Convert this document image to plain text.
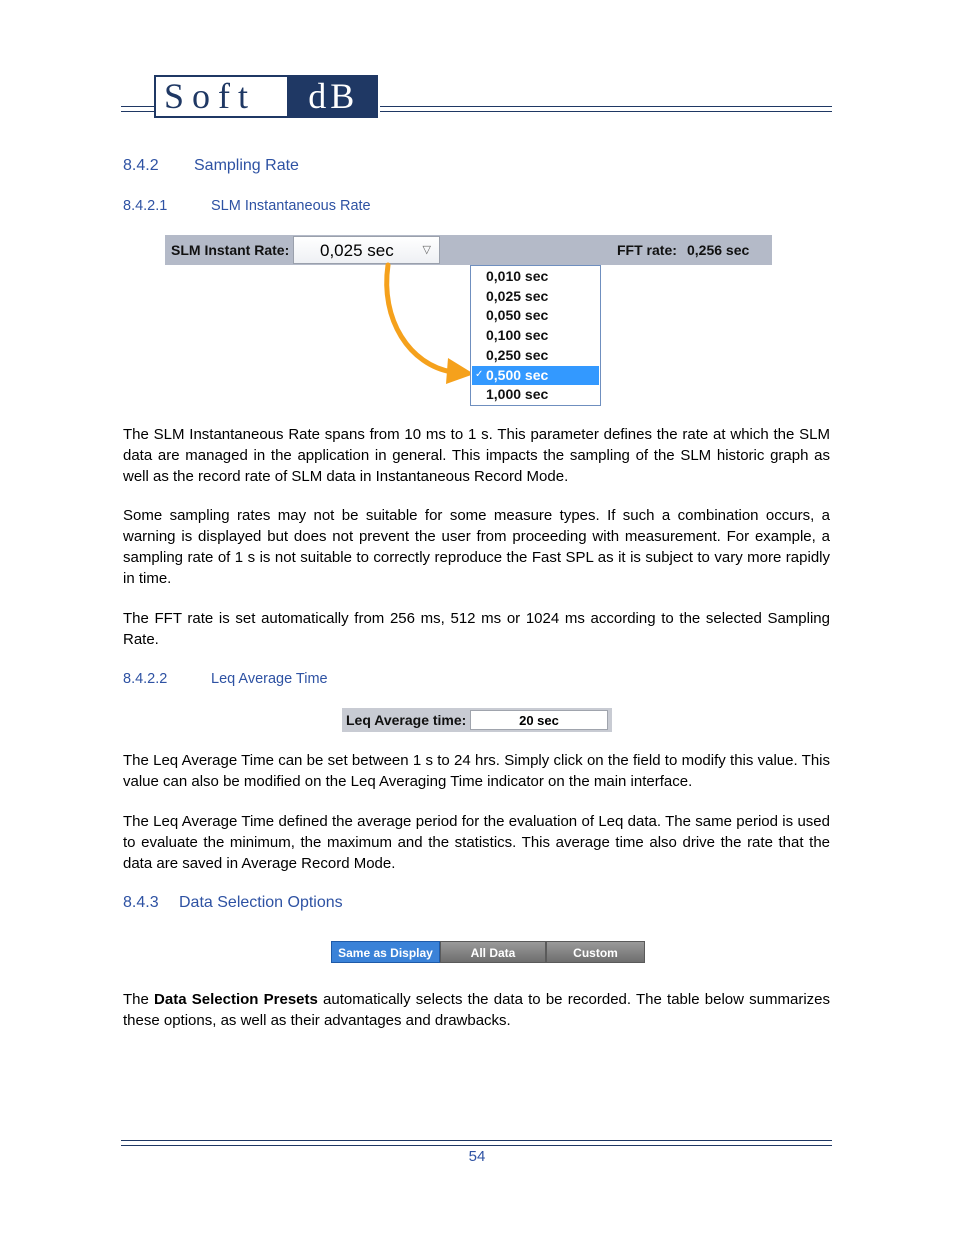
Soft	dB
8.4.2 Sampling Rate
8.4.2.1	SLM Instantaneous Rate
SLM Instant Rate: 0,025 sec	▽	FFT rate: 0,256 sec
0,010 sec
0,025 sec
0,050 sec
0,100 sec
0,250 sec
✓ 0,500 sec
1,000 sec
The SLM Instantaneous Rate spans from 10 ms to 1 s. This parameter defines the rate at which the SLM data are managed in the application in general. This impacts the sampling of the SLM historic graph as well as the record rate of SLM data in Instantaneous Record Mode.
Some sampling rates may not be suitable for some measure types. If such a combination occurs, a warning is displayed but does not prevent the user from proceeding with measurement. For example, a sampling rate of 1 s is not suitable to correctly reproduce the Fast SPL as it is subject to vary more rapidly in time.
The FFT rate is set automatically from 256 ms, 512 ms or 1024 ms according to the selected Sampling Rate.
8.4.2.2	Leq Average Time
Leq Average time:	20 sec
The Leq Average Time can be set between 1 s to 24 hrs. Simply click on the field to modify this value. This value can also be modified on the Leq Averaging Time indicator on the main interface.
The Leq Average Time defined the average period for the evaluation of Leq data. The same period is used to evaluate the minimum, the maximum and the statistics. This average time also drive the rate that the data are saved in Average Record Mode.
8.4.3 Data Selection Options
Same as Display	All Data	Custom
The Data Selection Presets automatically selects the data to be recorded. The table below summarizes these options, as well as their advantages and drawbacks.
54
